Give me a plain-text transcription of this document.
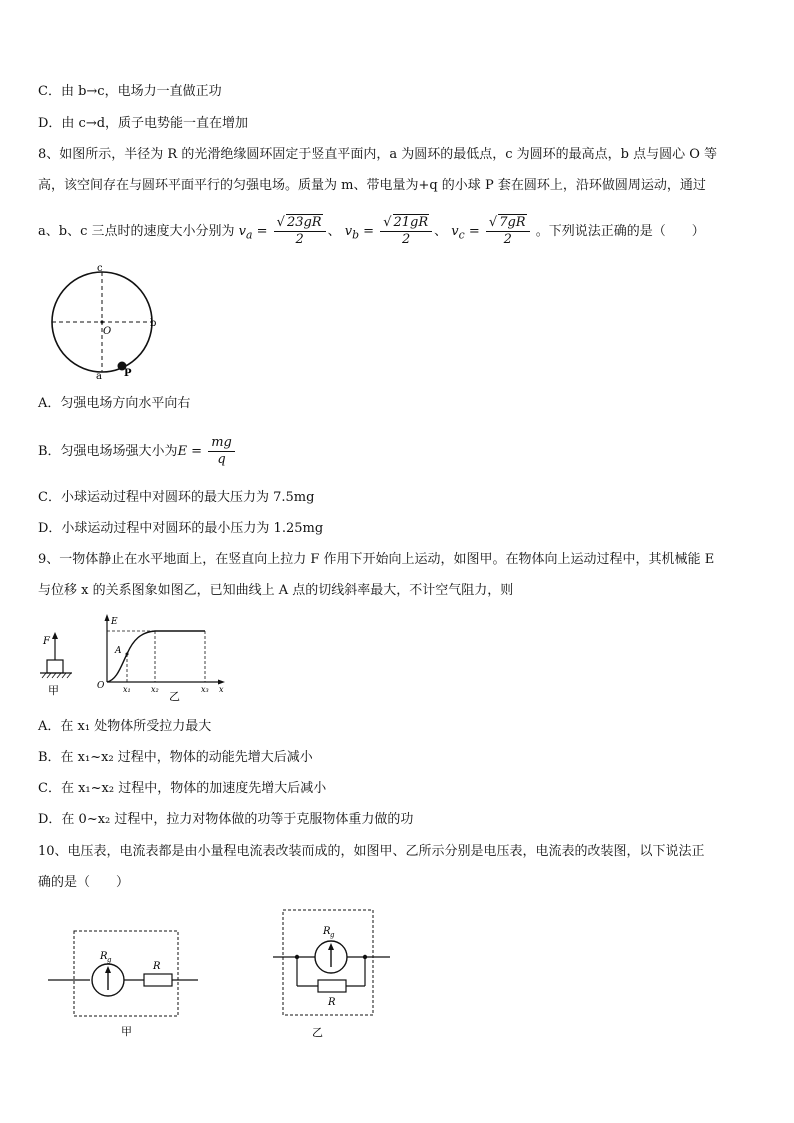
C．由 b→c，电场力一直做正功
D．由 c→d，质子电势能一直在增加
8、如图所示，半径为 R 的光滑绝缘圆环固定于竖直平面内，a 为圆环的最低点，c 为圆环的最高点，b 点与圆心 O 等
高，该空间存在与圆环平面平行的匀强电场。质量为 m、带电量为+q 的小球 P 套在圆环上，沿环做圆周运动，通过
a、b、c 三点时的速度大小分别为 $v_a = \frac{√ 23gR}{2}$ 、 $v_b = \frac{√ 21gR}{2}$ 、 $v_c = \frac{√ 7gR}{2}$ 。下列说法正确的是（　　）
c
b
O
a P
A．匀强电场方向水平向右
B．匀强电场场强大小为$E = \frac{mg}{q}$
C．小球运动过程中对圆环的最大压力为 7.5mg
D．小球运动过程中对圆环的最小压力为 1.25mg
9、一物体静止在水平地面上，在竖直向上拉力 F 作用下开始向上运动，如图甲。在物体向上运动过程中，其机械能 E
与位移 x 的关系图象如图乙，已知曲线上 A 点的切线斜率最大，不计空气阻力，则
F
甲
E
A
O x₁	x₂	x₃ x
乙
A．在 x₁ 处物体所受拉力最大
B．在 x₁~x₂ 过程中，物体的动能先增大后减小
C．在 x₁~x₂ 过程中，物体的加速度先增大后减小
D．在 0~x₂ 过程中，拉力对物体做的功等于克服物体重力做的功
10、电压表，电流表都是由小量程电流表改装而成的，如图甲、乙所示分别是电压表，电流表的改装图，以下说法正
确的是（　　）
R g
R
甲
R g
R
乙
